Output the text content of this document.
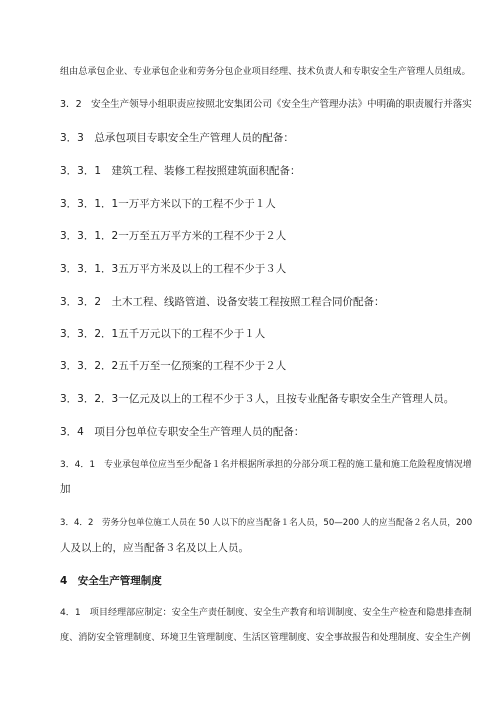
组由总承包企业、专业承包企业和劳务分包企业项目经理、技术负责人和专职安全生产管理人员组成。
3．2　安全生产领导小组职责应按照北安集团公司《安全生产管理办法》中明确的职责履行并落实
3．3　总承包项目专职安全生产管理人员的配备：
3．3．1　建筑工程、装修工程按照建筑面积配备：
3．3．1．1一万平方米以下的工程不少于１人
3．3．1．2一万至五万平方米的工程不少于２人
3．3．1．3五万平方米及以上的工程不少于３人
3．3．2　土木工程、线路管道、设备安装工程按照工程合同价配备：
3．3．2．1五千万元以下的工程不少于１人
3．3．2．2五千万至一亿预案的工程不少于２人
3．3．2．3一亿元及以上的工程不少于３人，且按专业配备专职安全生产管理人员。
3．4　项目分包单位专职安全生产管理人员的配备：
3．4．1　专业承包单位应当至少配备１名并根据所承担的分部分项工程的施工量和施工危险程度情况增
加
3．4．2　劳务分包单位施工人员在 50 人以下的应当配备１名人员，50—200 人的应当配备２名人员，200
人及以上的，应当配备３名及以上人员。
4　安全生产管理制度
4．1　项目经理部应制定：安全生产责任制度、安全生产教育和培训制度、安全生产检查和隐患排查制
度、消防安全管理制度、环境卫生管理制度、生活区管理制度、安全事故报告和处理制度、安全生产例
